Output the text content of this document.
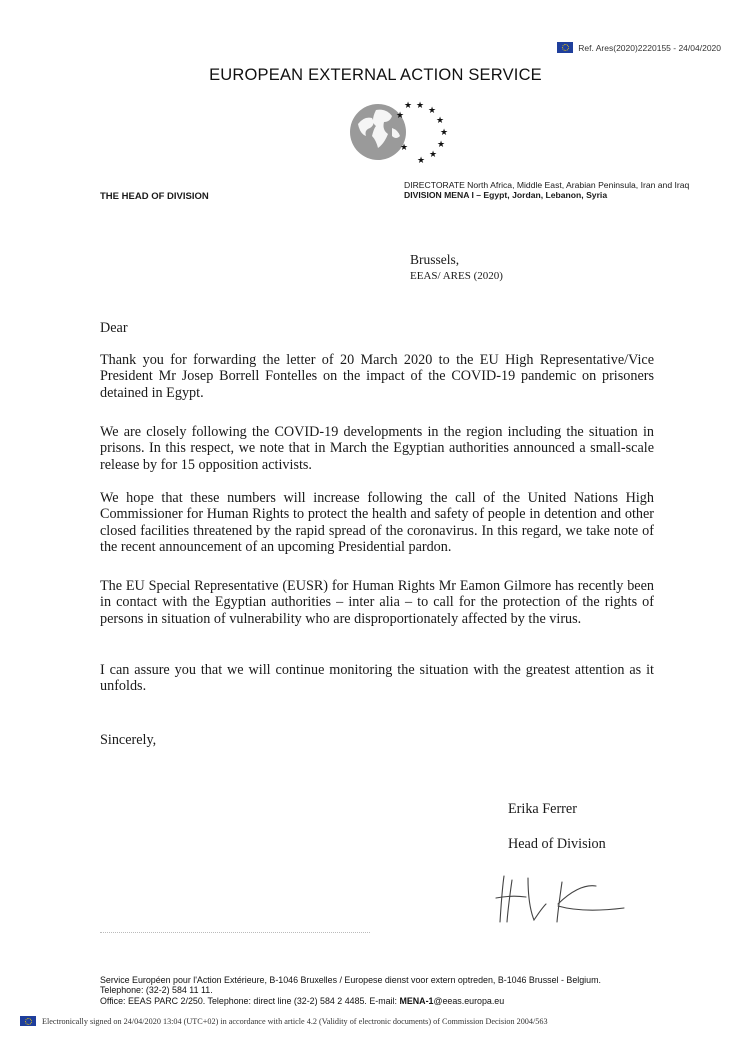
Ref. Ares(2020)2220155 - 24/04/2020
EUROPEAN EXTERNAL ACTION SERVICE
★ ★
★
★
★
★
★
★
★
★
THE HEAD OF DIVISION
DIRECTORATE North Africa, Middle East, Arabian Peninsula, Iran and Iraq
DIVISION MENA I – Egypt, Jordan, Lebanon, Syria
Brussels,
EEAS/ ARES (2020)
Dear
Thank you for forwarding the letter of 20 March 2020 to the EU High Representative/Vice President Mr Josep Borrell Fontelles on the impact of the COVID-19 pandemic on prisoners detained in Egypt.
We are closely following the COVID-19 developments in the region including the situation in prisons. In this respect, we note that in March the Egyptian authorities announced a small-scale release by for 15 opposition activists.
We hope that these numbers will increase following the call of the United Nations High Commissioner for Human Rights to protect the health and safety of people in detention and other closed facilities threatened by the rapid spread of the coronavirus. In this regard, we take note of the recent announcement of an upcoming Presidential pardon.
The EU Special Representative (EUSR) for Human Rights Mr Eamon Gilmore has recently been in contact with the Egyptian authorities – inter alia – to call for the protection of the rights of persons in situation of vulnerability who are disproportionately affected by the virus.
I can assure you that we will continue monitoring the situation with the greatest attention as it unfolds.
Sincerely,
Erika Ferrer
Head of Division
Service Européen pour l'Action Extérieure, B-1046 Bruxelles / Europese dienst voor extern optreden, B-1046 Brussel - Belgium.
Telephone: (32-2) 584 11 11.
Office: EEAS PARC 2/250. Telephone: direct line (32-2) 584 2 4485. E-mail: MENA-1@eeas.europa.eu
Electronically signed on 24/04/2020 13:04 (UTC+02) in accordance with article 4.2 (Validity of electronic documents) of Commission Decision 2004/563
